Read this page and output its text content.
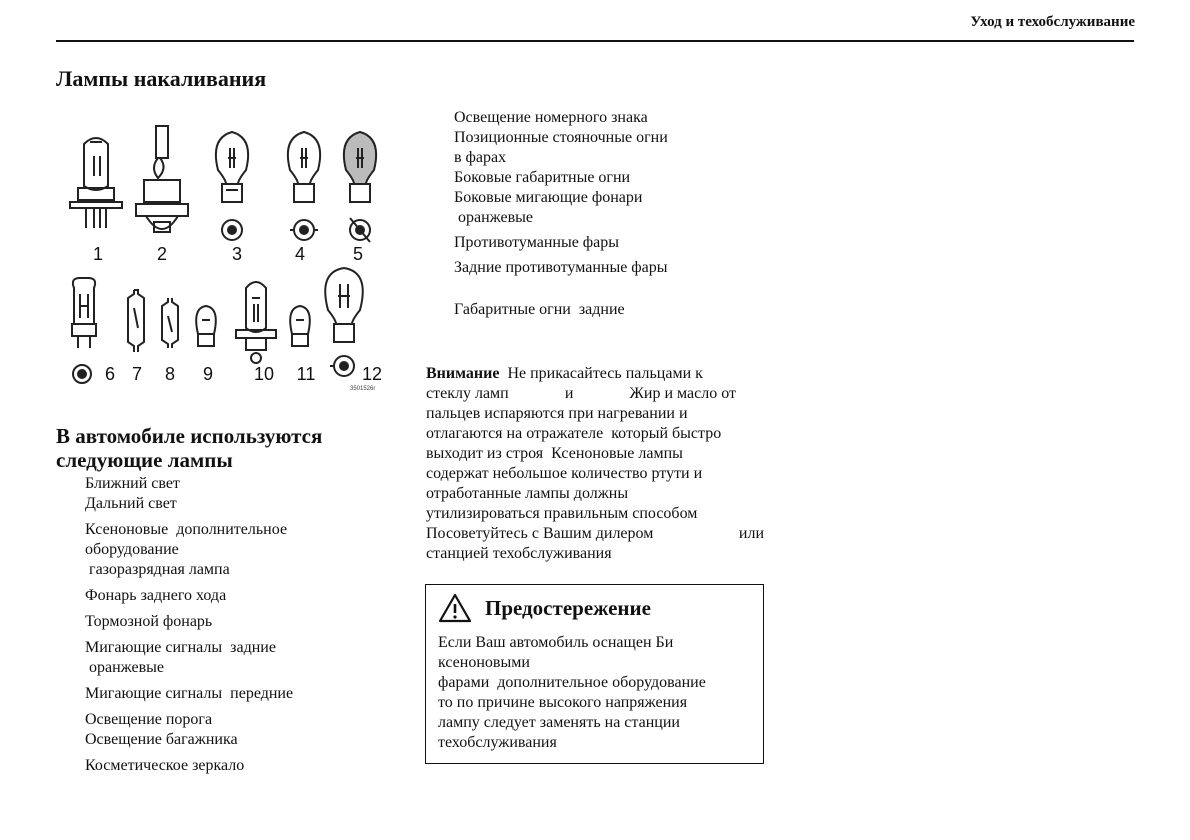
Уход и техобслуживание
Лампы накаливания
1	2	3	4	5
6 7 8 9 10 11	12
3501526r
В автомобиле используются
следующие лампы
Ближний свет
Дальний свет
Ксеноновые  дополнительное
оборудование
газоразрядная лампа
Фонарь заднего хода
Тормозной фонарь
Мигающие сигналы  задние
оранжевые
Мигающие сигналы  передние
Освещение порога
Освещение багажника
Косметическое зеркало
Освещение номерного знака
Позиционные стояночные огни
в фарах
Боковые габаритные огни
Боковые мигающие фонари
оранжевые
Противотуманные фары
Задние противотуманные фары
Габаритные огни  задние
Внимание  Не прикасайтесь пальцами к
стеклу ламп	и	Жир и масло от
пальцев испаряются при нагревании и
отлагаются на отражателе  который быстро
выходит из строя  Ксеноновые лампы
содержат небольшое количество ртути и
отработанные лампы должны
утилизироваться правильным способом
Посоветуйтесь с Вашим дилером	или
станцией техобслуживания
Предостережение
Если Ваш автомобиль оснащен Би
ксеноновыми
фарами  дополнительное оборудование
то по причине высокого напряжения
лампу следует заменять на станции
техобслуживания
